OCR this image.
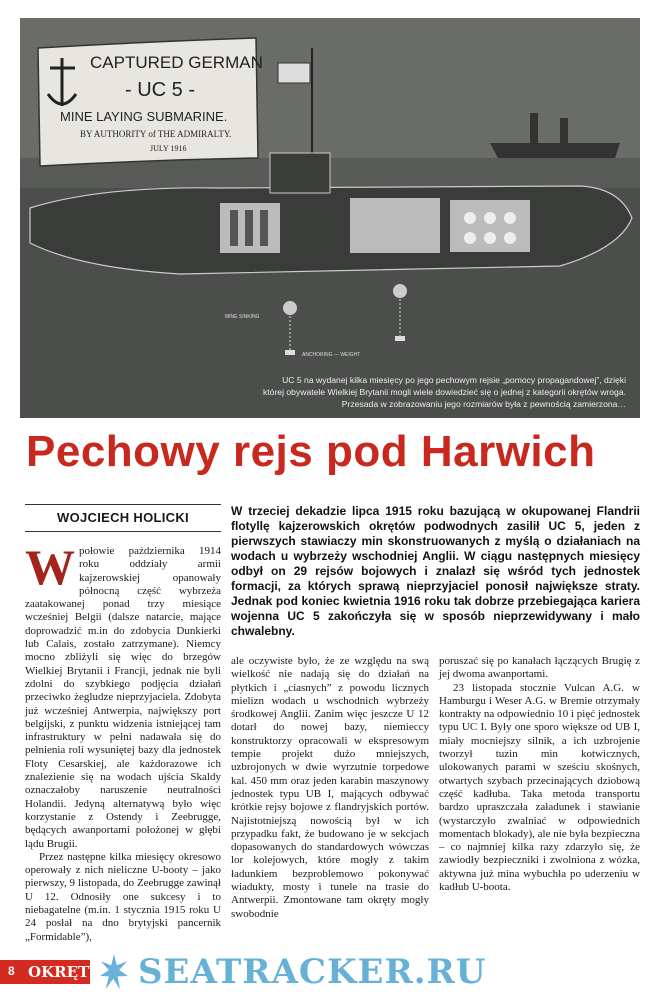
CAPTURED GERMAN
- UC 5 -
MINE LAYING SUBMARINE.
BY AUTHORITY of THE ADMIRALTY.
JULY 1916
MINE SINKING
ANCHORING — WEIGHT
UC 5 na wydanej kilka miesięcy po jego pechowym rejsie „pomocy propagandowej”, dzięki
której obywatele Wielkiej Brytanii mogli wiele dowiedzieć się o jednej z kategorii okrętów wroga.
Przesada w zobrazowaniu jego rozmiarów była z pewnością zamierzona…
Pechowy rejs pod Harwich
WOJCIECH HOLICKI

Wpołowie października 1914 roku oddziały armii kajzerowskiej opanowały północną część wybrzeża zaatakowanej ponad trzy miesiące wcześniej Belgii (dalsze natarcie, mające doprowadzić m.in do zdobycia Dunkierki lub Calais, zostało zatrzymane). Niemcy mocno zbliżyli się więc do brzegów Wielkiej Brytanii i Francji, jednak nie byli zdolni do szybkiego podjęcia działań przeciwko żegludze nieprzyjaciela. Zdobyta już wcześniej Antwerpia, największy port belgijski, z punktu widzenia istniejącej tam infrastruktury w pełni nadawała się do pełnienia roli wysuniętej bazy dla jednostek Floty Cesarskiej, ale każdorazowe ich znalezienie się na wodach ujścia Skaldy oznaczałoby naruszenie neutralności Holandii. Jedyną alternatywą było więc korzystanie z Ostendy i Zeebrugge, będących awanportami położonej w głębi lądu Brugii.

Przez następne kilka miesięcy okresowo operowały z nich nieliczne U-booty – jako pierwszy, 9 listopada, do Zeebrugge zawinął U 12. Odnosiły one sukcesy i to niebagatelne (m.in. 1 stycznia 1915 roku U 24 posłał na dno brytyjski pancernik „Formidable”),

W trzeciej dekadzie lipca 1915 roku bazującą w okupowanej Flandrii flotyllę kajzerowskich okrętów podwodnych zasilił UC 5, jeden z pierwszych stawiaczy min skonstruowanych z myślą o działaniach na wodach u wybrzeży wschodniej Anglii. W ciągu następnych miesięcy odbył on 29 rejsów bojowych i znalazł się wśród tych jednostek formacji, za których sprawą nieprzyjaciel ponosił największe straty. Jednak pod koniec kwietnia 1916 roku tak dobrze przebiegająca kariera wojenna UC 5 zakończyła się w sposób nieprzewidywany i mało chwalebny.

ale oczywiste było, że ze względu na swą wielkość nie nadają się do działań na płytkich i „ciasnych” z powodu licznych mielizn wodach u wschodnich wybrzeży środkowej Anglii. Zanim więc jeszcze U 12 dotarł do nowej bazy, niemieccy konstruktorzy opracowali w ekspresowym tempie projekt dużo mniejszych, uzbrojonych w dwie wyrzutnie torpedowe kal. 450 mm oraz jeden karabin maszynowy jednostek typu UB I, mających odbywać krótkie rejsy bojowe z flandryjskich portów. Najistotniejszą nowością był w ich przypadku fakt, że budowano je w sekcjach dopasowanych do standardowych wówczas lor kolejowych, które mogły z takim ładunkiem bezproblemowo pokonywać wiadukty, mosty i tunele na trasie do Antwerpii. Zmontowane tam okręty mogły swobodnie

poruszać się po kanałach łączących Brugię z jej dwoma awanportami.

23 listopada stocznie Vulcan A.G. w Hamburgu i Weser A.G. w Bremie otrzymały kontrakty na odpowiednio 10 i pięć jednostek typu UC I. Były one sporo większe od UB I, miały mocniejszy silnik, a ich uzbrojenie tworzył tuzin min kotwicznych, ulokowanych parami w sześciu skośnych, otwartych szybach przecinających dziobową część kadłuba. Taka metoda transportu bardzo upraszczała załadunek i stawianie (wystarczyło zwalniać w odpowiednich momentach blokady), ale nie była bezpieczna – co najmniej kilka razy zdarzyło się, że zawiodły bezpieczniki i zwolniona z wózka, aktywna już mina wybuchła po uderzeniu w kadłub U-boota.

8 OKRĘTY SEATRACKER.RU
